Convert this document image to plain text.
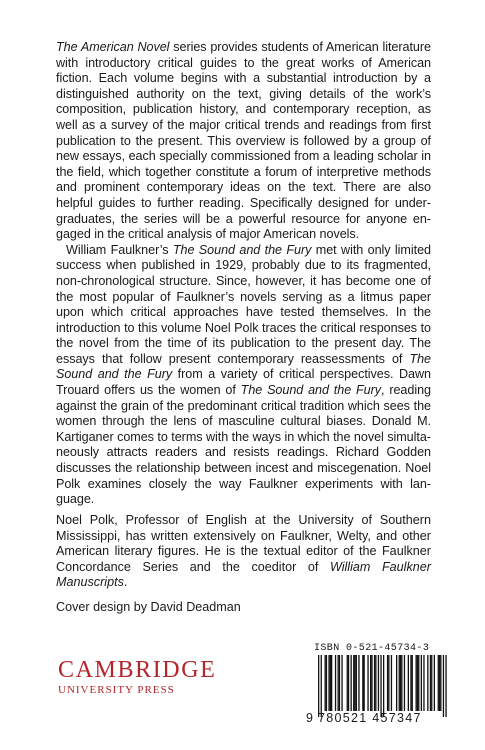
The American Novel series provides students of American literature with introductory critical guides to the great works of American fiction. Each volume begins with a substantial introduction by a distinguished authority on the text, giving details of the work’s composition, publication history, and contemporary reception, as well as a survey of the major critical trends and readings from first publication to the present. This overview is followed by a group of new essays, each specially commissioned from a leading scholar in the field, which together constitute a forum of interpretive methods and prominent contemporary ideas on the text. There are also helpful guides to further reading. Specifically designed for undergraduates, the series will be a powerful resource for anyone engaged in the critical analysis of major American novels.

William Faulkner’s The Sound and the Fury met with only limited success when published in 1929, probably due to its fragmented, non-chronological structure. Since, however, it has become one of the most popular of Faulkner’s novels serving as a litmus paper upon which critical approaches have tested themselves. In the introduction to this volume Noel Polk traces the critical responses to the novel from the time of its publication to the present day. The essays that follow present contemporary reassessments of The Sound and the Fury from a variety of critical perspectives. Dawn Trouard offers us the women of The Sound and the Fury, reading against the grain of the predominant critical tradition which sees the women through the lens of masculine cultural biases. Donald M. Kartiganer comes to terms with the ways in which the novel simultaneously attracts readers and resists readings. Richard Godden discusses the relationship between incest and miscegenation. Noel Polk examines closely the way Faulkner experiments with language.

Noel Polk, Professor of English at the University of Southern Mississippi, has written extensively on Faulkner, Welty, and other American literary figures. He is the textual editor of the Faulkner Concordance Series and the coeditor of William Faulkner Manuscripts.

Cover design by David Deadman
CAMBRIDGE
UNIVERSITY PRESS
ISBN 0-521-45734-3
9 780521 457347
